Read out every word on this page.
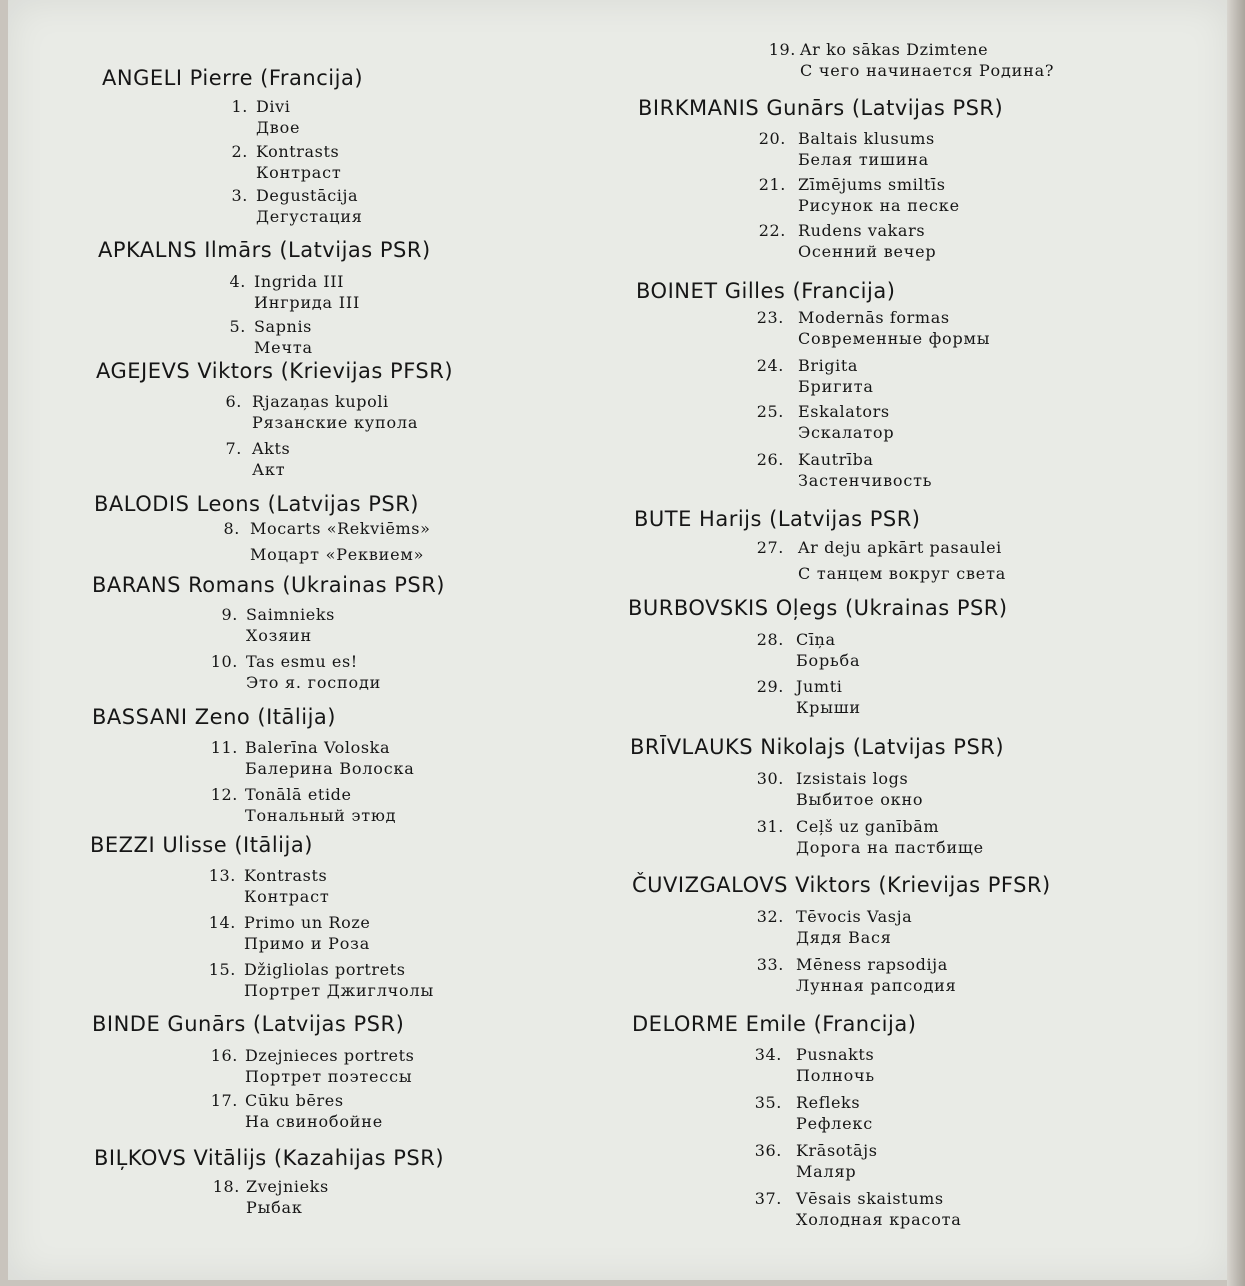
ANGELI Pierre (Francija)
1. Divi
Двое
2. Kontrasts
Контраст
3. Degustācija
Дегустация
APKALNS Ilmārs (Latvijas PSR)
4. Ingrida III
Ингрида III
5. Sapnis
Мечта
AGEJEVS Viktors (Krievijas PFSR)
6. Rjazaņas kupoli
Рязанские купола
7. Akts
Акт
BALODIS Leons (Latvijas PSR)
8. Mocarts «Rekviēms»
Моцарт «Реквием»
BARANS Romans (Ukrainas PSR)
9. Saimnieks
Хозяин
10. Tas esmu es!
Это я. господи
BASSANI Zeno (Itālija)
11. Balerīna Voloska
Балерина Волоска
12. Tonālā etide
Тональный этюд
BEZZI Ulisse (Itālija)
13. Kontrasts
Контраст
14. Primo un Roze
Примо и Роза
15. Džigliolas portrets
Портрет Джиглчолы
BINDE Gunārs (Latvijas PSR)
16. Dzejnieces portrets
Портрет поэтессы
17. Cūku bēres
На свинобойне
BIĻKOVS Vitālijs (Kazahijas PSR)
18. Zvejnieks
Рыбак
19. Ar ko sākas Dzimtene
С чего начинается Родина?
BIRKMANIS Gunārs (Latvijas PSR)
20. Baltais klusums
Белая тишина
21. Zīmējums smiltīs
Рисунок на песке
22. Rudens vakars
Осенний вечер
BOINET Gilles (Francija)
23. Modernās formas
Современные формы
24. Brigita
Бригита
25. Eskalators
Эскалатор
26. Kautrība
Застенчивость
BUTE Harijs (Latvijas PSR)
27. Ar deju apkārt pasaulei
С танцем вокруг света
BURBOVSKIS Oļegs (Ukrainas PSR)
28. Cīņa
Борьба
29. Jumti
Крыши
BRĪVLAUKS Nikolajs (Latvijas PSR)
30. Izsistais logs
Выбитое окно
31. Ceļš uz ganībām
Дорога на пастбище
ČUVIZGALOVS Viktors (Krievijas PFSR)
32. Tēvocis Vasja
Дядя Вася
33. Mēness rapsodija
Лунная рапсодия
DELORME Emile (Francija)
34. Pusnakts
Полночь
35. Refleks
Рефлекс
36. Krāsotājs
Маляр
37. Vēsais skaistums
Холодная красота
